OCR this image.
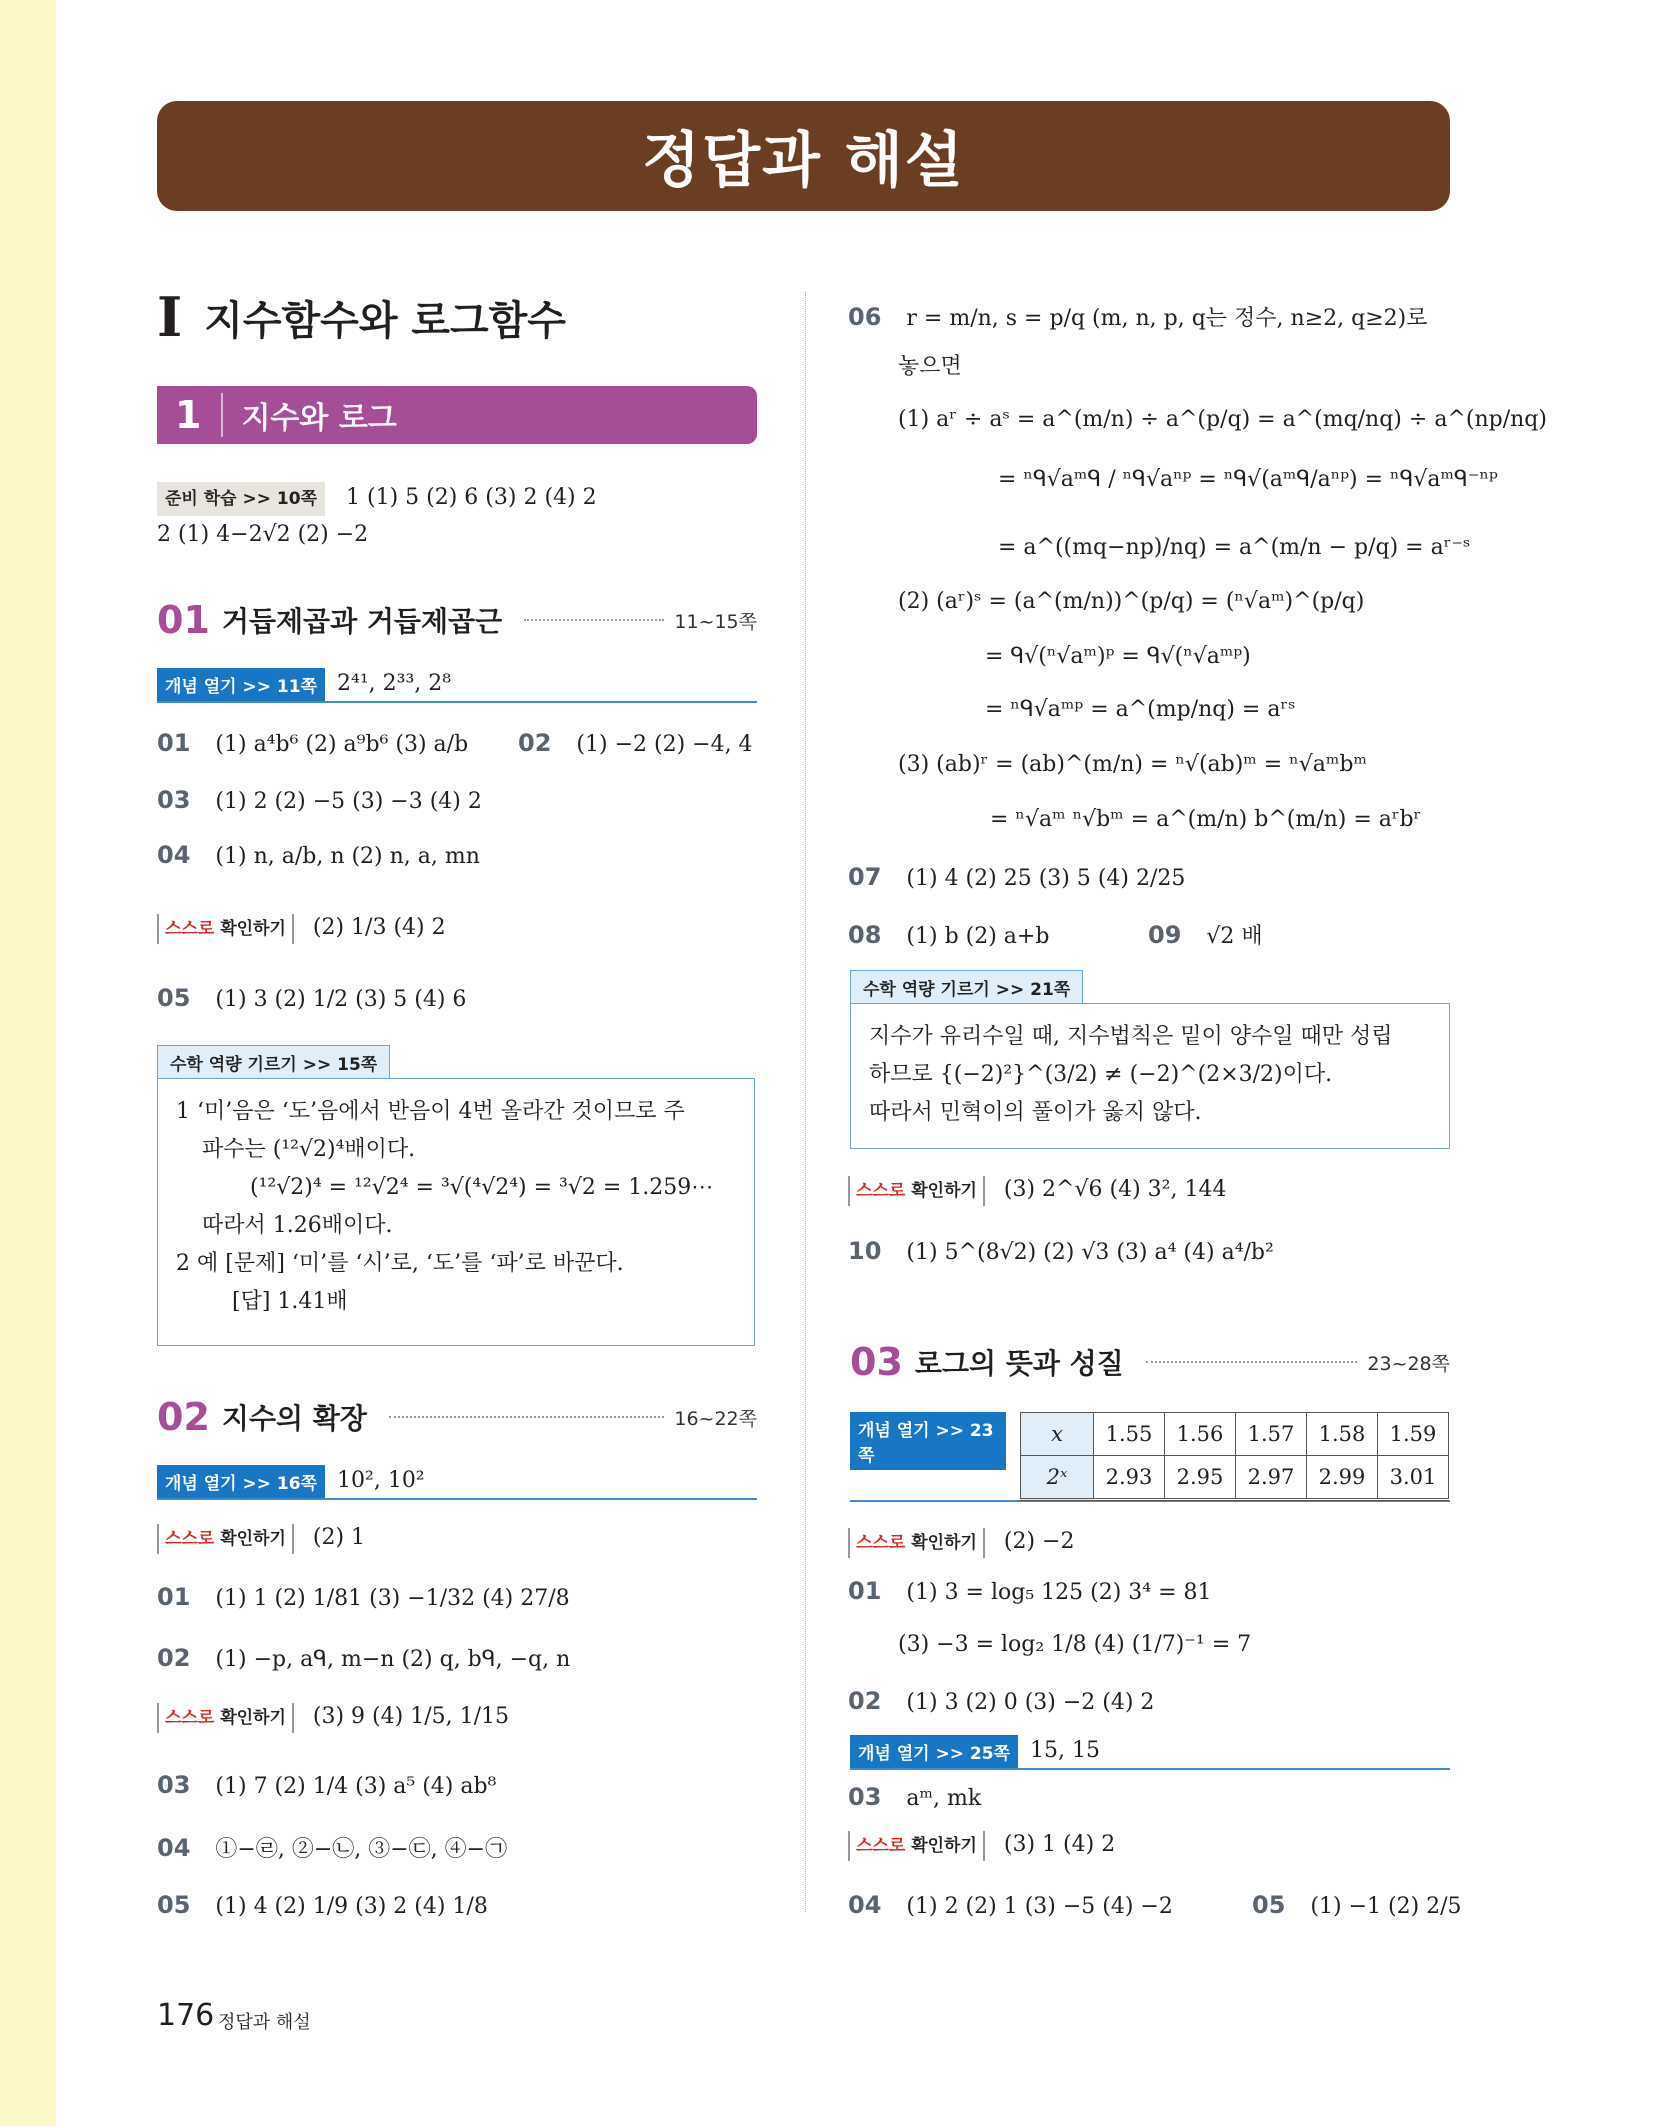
정답과 해설
I 지수함수와 로그함수
1	지수와 로그
준비 학습 >> 10쪽 1 (1) 5 (2) 6 (3) 2 (4) 2
2 (1) 4−2√2 (2) −2
01 거듭제곱과 거듭제곱근	11~15쪽
개념 열기 >> 11쪽 2⁴¹, 2³³, 2⁸
01 (1) a⁴b⁶ (2) a⁹b⁶ (3) a/b 02 (1) −2 (2) −4, 4
03 (1) 2 (2) −5 (3) −3 (4) 2
04 (1) n, a/b, n (2) n, a, mn
스스로 확인하기 (2) 1/3 (4) 2
05 (1) 3 (2) 1/2 (3) 5 (4) 6
수학 역량 기르기 >> 15쪽
1 ‘미’음은 ‘도’음에서 반음이 4번 올라간 것이므로 주
파수는 (¹²√2)⁴배이다.
(¹²√2)⁴ = ¹²√2⁴ = ³√(⁴√2⁴) = ³√2 = 1.259⋯
따라서 1.26배이다.
2 예 [문제] ‘미’를 ‘시’로, ‘도’를 ‘파’로 바꾼다.
[답] 1.41배
02 지수의 확장	16~22쪽
개념 열기 >> 16쪽 10², 10²
스스로 확인하기 (2) 1
01 (1) 1 (2) 1/81 (3) −1/32 (4) 27/8
02 (1) −p, aᑫ, m−n (2) q, bᑫ, −q, n
스스로 확인하기 (3) 9 (4) 1/5, 1/15
03 (1) 7 (2) 1/4 (3) a⁵ (4) ab⁸
04 ①−㉣, ②−㉡, ③−㉢, ④−㉠
05 (1) 4 (2) 1/9 (3) 2 (4) 1/8
06 r = m/n, s = p/q (m, n, p, q는 정수, n≥2, q≥2)로
놓으면
(1) aʳ ÷ aˢ = a^(m/n) ÷ a^(p/q) = a^(mq/nq) ÷ a^(np/nq)
= ⁿᑫ√aᵐᑫ / ⁿᑫ√aⁿᵖ = ⁿᑫ√(aᵐᑫ/aⁿᵖ) = ⁿᑫ√aᵐᑫ⁻ⁿᵖ
= a^((mq−np)/nq) = a^(m/n − p/q) = aʳ⁻ˢ
(2) (aʳ)ˢ = (a^(m/n))^(p/q) = (ⁿ√aᵐ)^(p/q)
= ᑫ√(ⁿ√aᵐ)ᵖ = ᑫ√(ⁿ√aᵐᵖ)
= ⁿᑫ√aᵐᵖ = a^(mp/nq) = aʳˢ
(3) (ab)ʳ = (ab)^(m/n) = ⁿ√(ab)ᵐ = ⁿ√aᵐbᵐ
= ⁿ√aᵐ ⁿ√bᵐ = a^(m/n) b^(m/n) = aʳbʳ
07 (1) 4 (2) 25 (3) 5 (4) 2/25
08 (1) b (2) a+b	09 √2 배
수학 역량 기르기 >> 21쪽
지수가 유리수일 때, 지수법칙은 밑이 양수일 때만 성립
하므로 {(−2)²}^(3/2) ≠ (−2)^(2×3/2)이다.
따라서 민혁이의 풀이가 옳지 않다.
스스로 확인하기 (3) 2^√6 (4) 3², 144
10 (1) 5^(8√2) (2) √3 (3) a⁴ (4) a⁴/b²
03 로그의 뜻과 성질	23~28쪽
개념 열기 >> 23쪽
x	1.55	1.56	1.57	1.58	1.59
2ˣ	2.93	2.95	2.97	2.99	3.01
스스로 확인하기 (2) −2
01 (1) 3 = log₅ 125 (2) 3⁴ = 81
(3) −3 = log₂ 1/8 (4) (1/7)⁻¹ = 7
02 (1) 3 (2) 0 (3) −2 (4) 2
개념 열기 >> 25쪽 15, 15
03 aᵐ, mk
스스로 확인하기 (3) 1 (4) 2
04 (1) 2 (2) 1 (3) −5 (4) −2	05 (1) −1 (2) 2/5
176 정답과 해설
